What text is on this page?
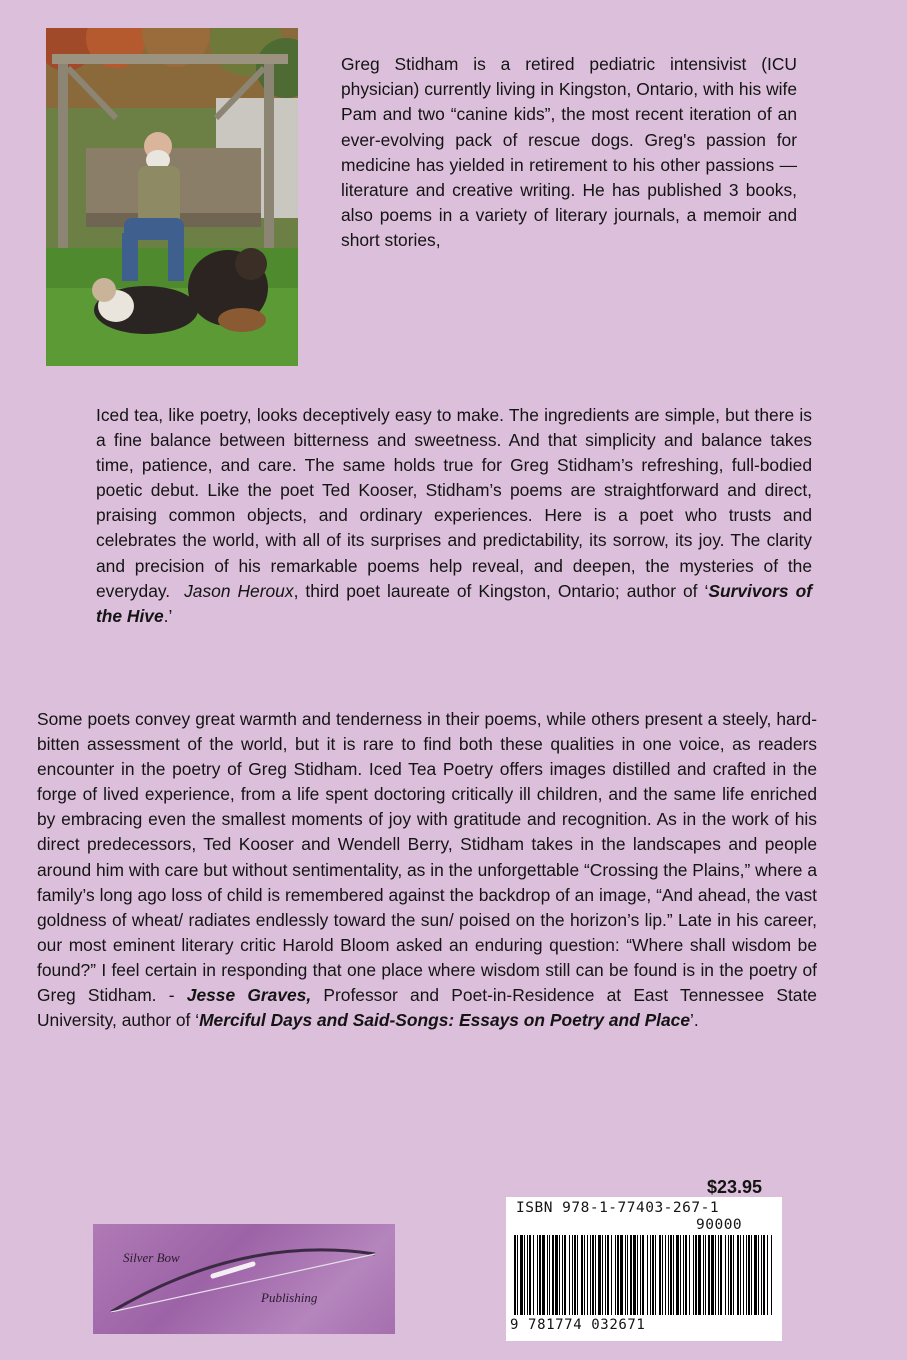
Greg Stidham is a retired pediatric intensivist (ICU physician) currently living in Kingston, Ontario, with his wife Pam and two “canine kids”, the most recent iteration of an ever-evolving pack of rescue dogs. Greg's passion for medicine has yielded in retirement to his other passions — literature and creative writing. He has published 3 books, also poems in a variety of literary journals, a memoir and short stories,

Iced tea, like poetry, looks deceptively easy to make. The ingredients are simple, but there is a fine balance between bitterness and sweetness. And that simplicity and balance takes time, patience, and care. The same holds true for Greg Stidham’s refreshing, full-bodied poetic debut. Like the poet Ted Kooser, Stidham’s poems are straightforward and direct, praising common objects, and ordinary experiences. Here is a poet who trusts and celebrates the world, with all of its surprises and predictability, its sorrow, its joy. The clarity and precision of his remarkable poems help reveal, and deepen, the mysteries of the everyday. Jason Heroux, third poet laureate of Kingston, Ontario; author of ‘Survivors of the Hive.’

Some poets convey great warmth and tenderness in their poems, while others present a steely, hard-bitten assessment of the world, but it is rare to find both these qualities in one voice, as readers encounter in the poetry of Greg Stidham. Iced Tea Poetry offers images distilled and crafted in the forge of lived experience, from a life spent doctoring critically ill children, and the same life enriched by embracing even the smallest moments of joy with gratitude and recognition. As in the work of his direct predecessors, Ted Kooser and Wendell Berry, Stidham takes in the landscapes and people around him with care but without sentimentality, as in the unforgettable “Crossing the Plains,” where a family’s long ago loss of child is remembered against the backdrop of an image, “And ahead, the vast goldness of wheat/ radiates endlessly toward the sun/ poised on the horizon’s lip.” Late in his career, our most eminent literary critic Harold Bloom asked an enduring question: “Where shall wisdom be found?” I feel certain in responding that one place where wisdom still can be found is in the poetry of Greg Stidham. - Jesse Graves, Professor and Poet-in-Residence at East Tennessee State University, author of ‘Merciful Days and Said-Songs: Essays on Poetry and Place’.

$23.95
ISBN 978-1-77403-267-1
90000
9 781774 032671
Silver Bow
Publishing
